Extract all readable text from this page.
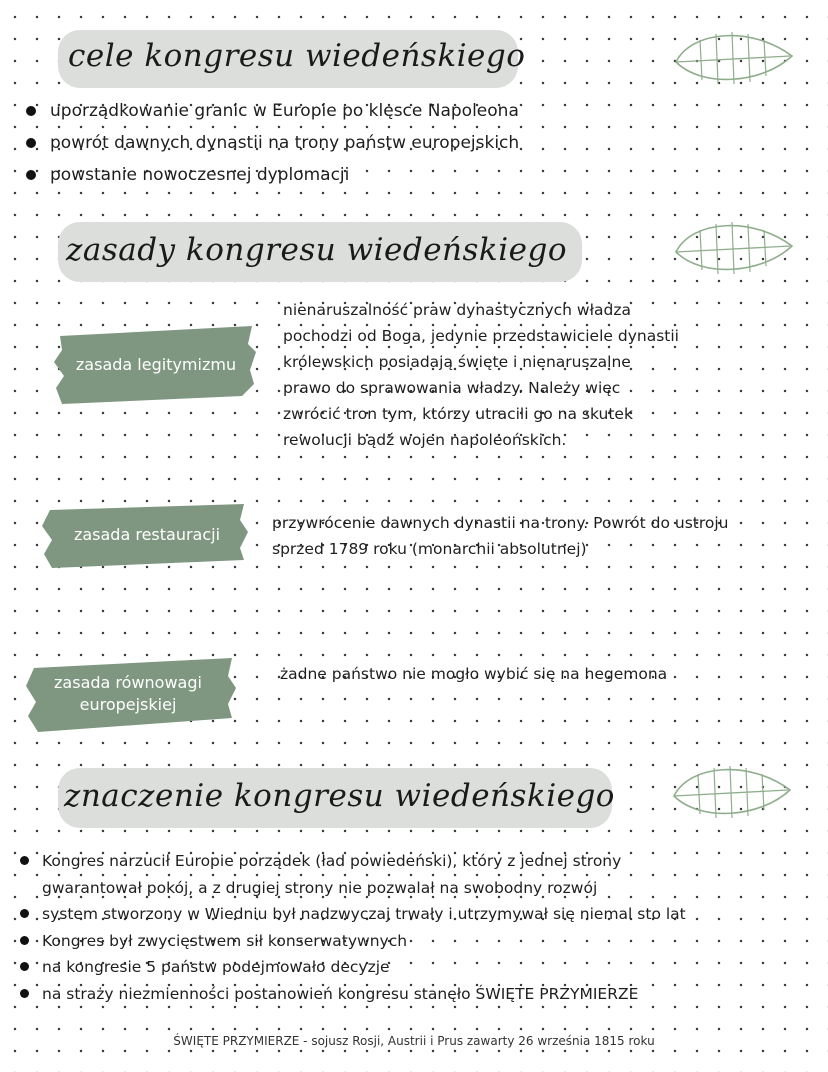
cele kongresu wiedeńskiego
uporządkowanie granic w Europie po klęsce Napoleona
powrót dawnych dynastii na trony państw europejskich
powstanie nowoczesnej dyplomacji
zasady kongresu wiedeńskiego
zasada legitymizmu
nienaruszalność praw dynastycznych władza
pochodzi od Boga, jedynie przedstawiciele dynastii
królewskich posiadają święte i nienaruszalne
prawo do sprawowania władzy. Należy więc
zwrócić tron tym, którzy utracili go na skutek
rewolucji bądź wojen napoleońskich.
zasada restauracji
przywrócenie dawnych dynastii na trony. Powrót do ustroju
sprzed 1789 roku (monarchii absolutnej)
zasada równowagi
europejskiej
żadne państwo nie mogło wybić się na hegemona
znaczenie kongresu wiedeńskiego
Kongres narzucił Europie porządek (ład powiedeński), który z jednej strony
gwarantował pokój, a z drugiej strony nie pozwalał na swobodny rozwój
system stworzony w Wiedniu był nadzwyczaj trwały i utrzymywał się niemal sto lat
Kongres był zwycięstwem sił konserwatywnych
na kongresie 5 państw podejmowało decyzje
na straży niezmienności postanowień kongresu stanęło ŚWIĘTE PRZYMIERZE
ŚWIĘTE PRZYMIERZE - sojusz Rosji, Austrii i Prus zawarty 26 września 1815 roku
